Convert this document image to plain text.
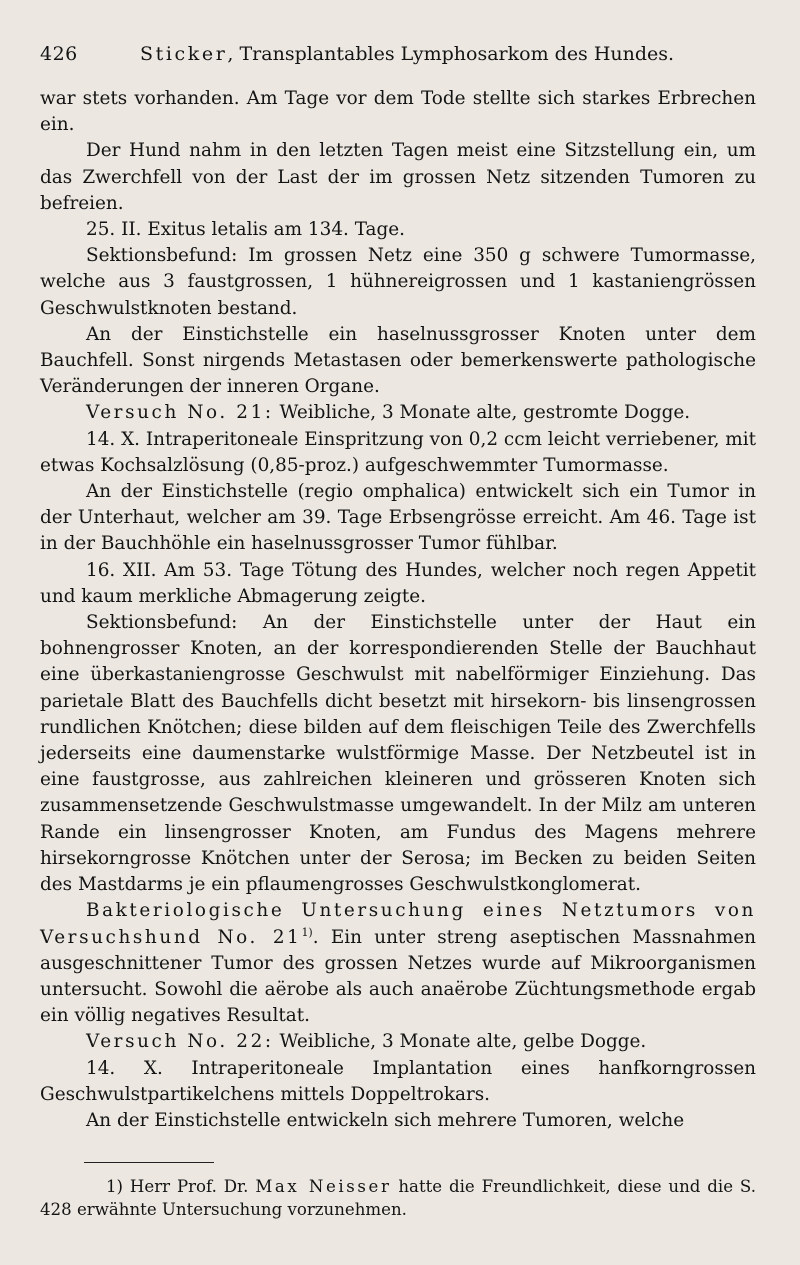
426	Sticker, Transplantables Lymphosarkom des Hundes.

war stets vorhanden. Am Tage vor dem Tode stellte sich starkes Erbrechen ein.

Der Hund nahm in den letzten Tagen meist eine Sitzstellung ein, um das Zwerchfell von der Last der im grossen Netz sitzenden Tumoren zu befreien.

25. II. Exitus letalis am 134. Tage.

Sektionsbefund: Im grossen Netz eine 350 g schwere Tumormasse, welche aus 3 faustgrossen, 1 hühnereigrossen und 1 kastaniengrössen Geschwulstknoten bestand.

An der Einstichstelle ein haselnussgrosser Knoten unter dem Bauchfell. Sonst nirgends Metastasen oder bemerkenswerte pathologische Veränderungen der inneren Organe.

Versuch No. 21: Weibliche, 3 Monate alte, gestromte Dogge.

14. X. Intraperitoneale Einspritzung von 0,2 ccm leicht verriebener, mit etwas Kochsalzlösung (0,85-proz.) aufgeschwemmter Tumormasse.

An der Einstichstelle (regio omphalica) entwickelt sich ein Tumor in der Unterhaut, welcher am 39. Tage Erbsengrösse erreicht. Am 46. Tage ist in der Bauchhöhle ein haselnussgrosser Tumor fühlbar.

16. XII. Am 53. Tage Tötung des Hundes, welcher noch regen Appetit und kaum merkliche Abmagerung zeigte.

Sektionsbefund: An der Einstichstelle unter der Haut ein bohnengrosser Knoten, an der korrespondierenden Stelle der Bauchhaut eine überkastaniengrosse Geschwulst mit nabelförmiger Einziehung. Das parietale Blatt des Bauchfells dicht besetzt mit hirsekorn- bis linsengrossen rundlichen Knötchen; diese bilden auf dem fleischigen Teile des Zwerchfells jederseits eine daumenstarke wulstförmige Masse. Der Netzbeutel ist in eine faustgrosse, aus zahlreichen kleineren und grösseren Knoten sich zusammensetzende Geschwulstmasse umgewandelt. In der Milz am unteren Rande ein linsengrosser Knoten, am Fundus des Magens mehrere hirsekorngrosse Knötchen unter der Serosa; im Becken zu beiden Seiten des Mastdarms je ein pflaumengrosses Geschwulstkonglomerat.

Bakteriologische Untersuchung eines Netztumors von Versuchshund No. 21$^{1)}$. Ein unter streng aseptischen Massnahmen ausgeschnittener Tumor des grossen Netzes wurde auf Mikroorganismen untersucht. Sowohl die aërobe als auch anaërobe Züchtungsmethode ergab ein völlig negatives Resultat.

Versuch No. 22: Weibliche, 3 Monate alte, gelbe Dogge.

14. X. Intraperitoneale Implantation eines hanfkorngrossen Geschwulstpartikelchens mittels Doppeltrokars.

An der Einstichstelle entwickeln sich mehrere Tumoren, welche

1) Herr Prof. Dr. Max Neisser hatte die Freundlichkeit, diese und die S. 428 erwähnte Untersuchung vorzunehmen.
